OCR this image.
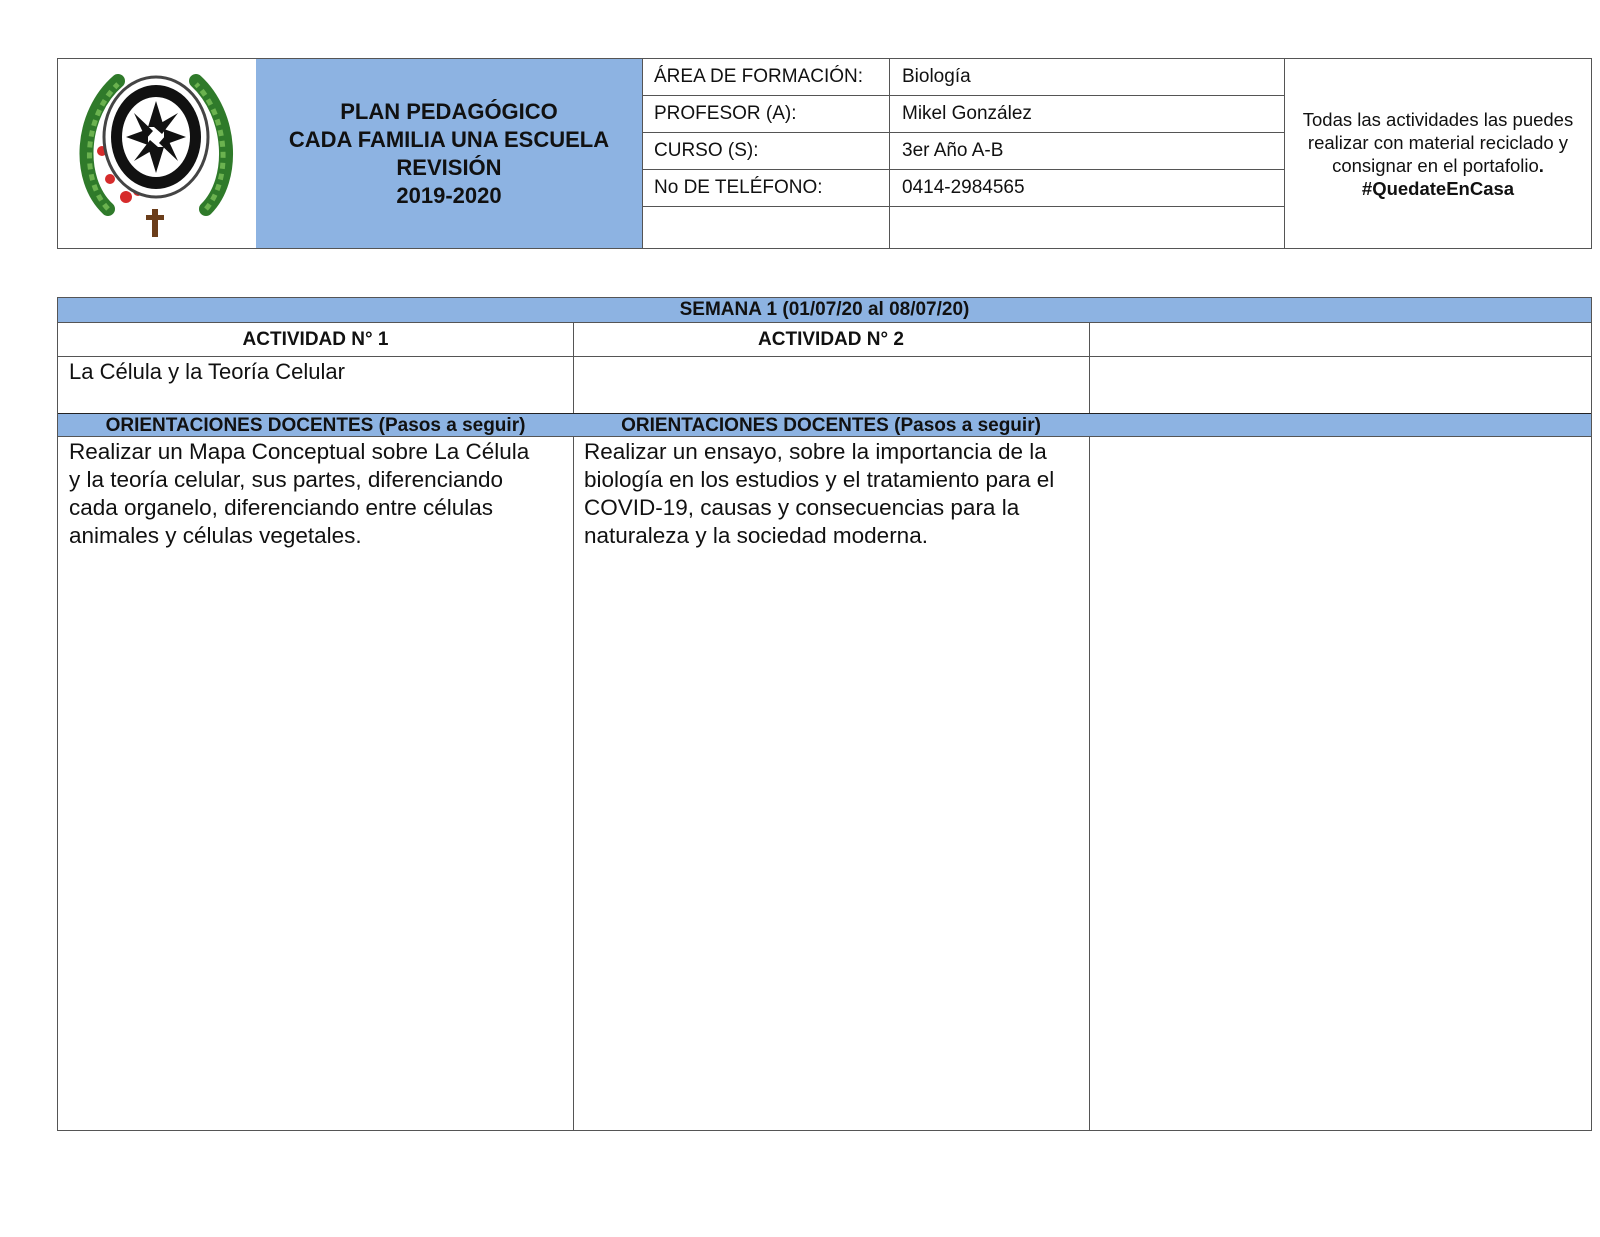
PLAN PEDAGÓGICO
CADA FAMILIA UNA ESCUELA
REVISIÓN
2019-2020
ÁREA DE FORMACIÓN:	Biología
PROFESOR (A):	Mikel González
CURSO (S):	3er Año A-B
No DE TELÉFONO:	0414-2984565
Todas las actividades las puedes realizar con material reciclado y consignar en el portafolio. #QuedateEnCasa
SEMANA 1 (01/07/20 al 08/07/20)
ACTIVIDAD N° 1	ACTIVIDAD N° 2
La Célula y la Teoría Celular
ORIENTACIONES DOCENTES (Pasos a seguir)	ORIENTACIONES DOCENTES (Pasos a seguir)
Realizar un Mapa Conceptual sobre La Célula y la teoría celular, sus partes, diferenciando cada organelo, diferenciando entre células animales y células vegetales.
Realizar un ensayo, sobre la importancia de la biología en los estudios y el tratamiento para el COVID-19, causas y consecuencias para la naturaleza y la sociedad moderna.
